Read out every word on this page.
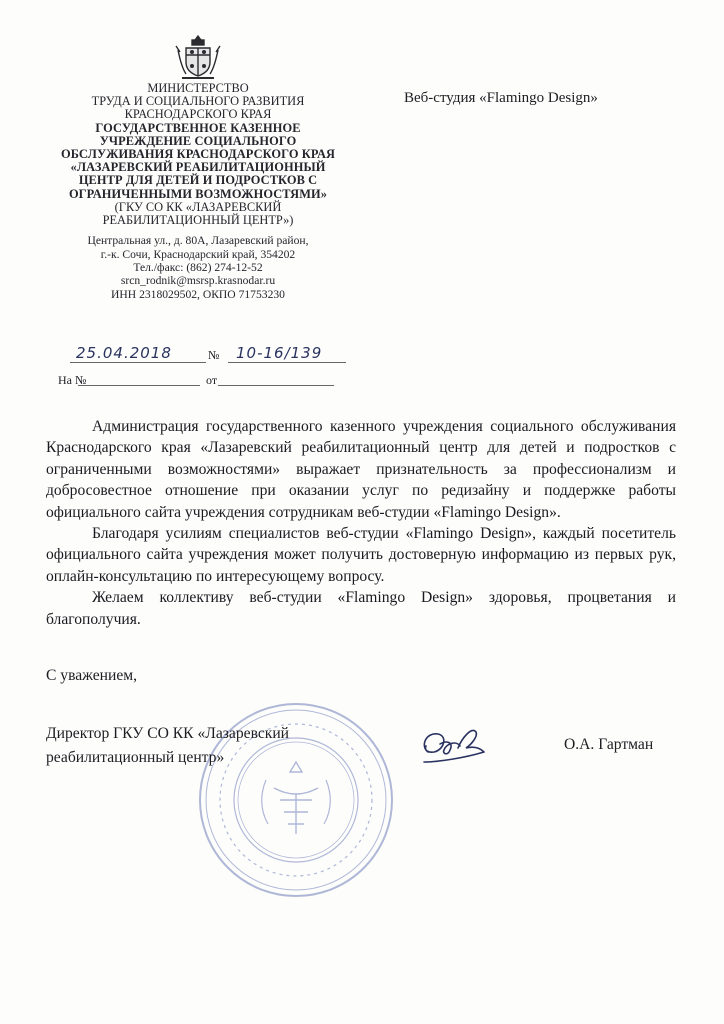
МИНИСТЕРСТВО
ТРУДА И СОЦИАЛЬНОГО РАЗВИТИЯ
КРАСНОДАРСКОГО КРАЯ
ГОСУДАРСТВЕННОЕ КАЗЕННОЕ
УЧРЕЖДЕНИЕ СОЦИАЛЬНОГО
ОБСЛУЖИВАНИЯ КРАСНОДАРСКОГО КРАЯ
«ЛАЗАРЕВСКИЙ РЕАБИЛИТАЦИОННЫЙ
ЦЕНТР ДЛЯ ДЕТЕЙ И ПОДРОСТКОВ С
ОГРАНИЧЕННЫМИ ВОЗМОЖНОСТЯМИ»
(ГКУ СО КК «ЛАЗАРЕВСКИЙ
РЕАБИЛИТАЦИОННЫЙ ЦЕНТР»)
Центральная ул., д. 80А, Лазаревский район,
г.-к. Сочи, Краснодарский край, 354202
Тел./факс: (862) 274-12-52
srcn_rodnik@msrsp.krasnodar.ru
ИНН 2318029502, ОКПО 71753230
25.04.2018	№	10-16/139
На №	от
Веб-студия «Flamingo Design»

Администрация государственного казенного учреждения социального обслуживания Краснодарского края «Лазаревский реабилитационный центр для детей и подростков с ограниченными возможностями» выражает признательность за профессионализм и добросовестное отношение при оказании услуг по редизайну и поддержке работы официального сайта учреждения сотрудникам веб-студии «Flamingo Design».

Благодаря усилиям специалистов веб-студии «Flamingo Design», каждый посетитель официального сайта учреждения может получить достоверную информацию из первых рук, оплайн-консультацию по интересующему вопросу.

Желаем коллективу веб-студии «Flamingo Design» здоровья, процветания и благополучия.

С уважением,
Директор ГКУ СО КК «Лазаревский
реабилитационный центр»
О.А. Гартман
